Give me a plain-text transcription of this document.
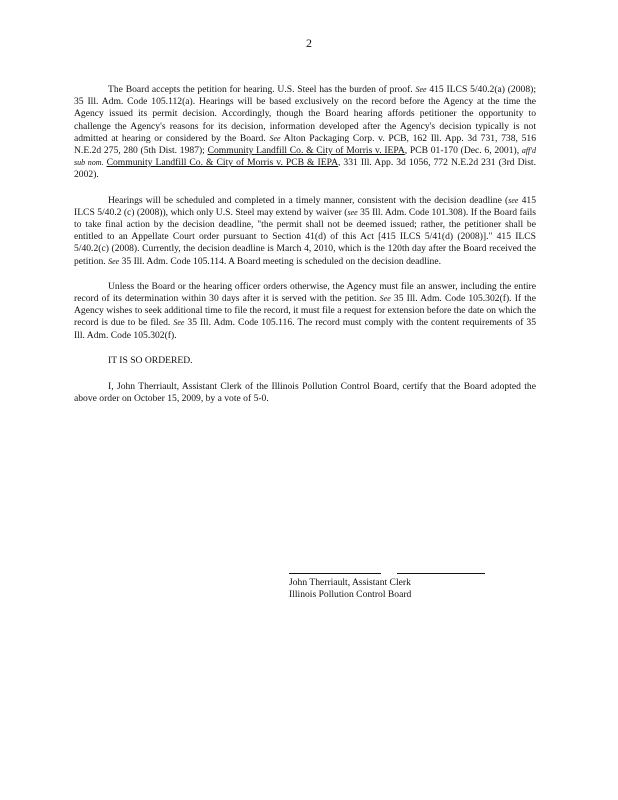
2

The Board accepts the petition for hearing. U.S. Steel has the burden of proof. See 415 ILCS 5/40.2(a) (2008); 35 Ill. Adm. Code 105.112(a). Hearings will be based exclusively on the record before the Agency at the time the Agency issued its permit decision. Accordingly, though the Board hearing affords petitioner the opportunity to challenge the Agency's reasons for its decision, information developed after the Agency's decision typically is not admitted at hearing or considered by the Board. See Alton Packaging Corp. v. PCB, 162 Ill. App. 3d 731, 738, 516 N.E.2d 275, 280 (5th Dist. 1987); Community Landfill Co. & City of Morris v. IEPA, PCB 01-170 (Dec. 6, 2001), aff'd sub nom. Community Landfill Co. & City of Morris v. PCB & IEPA, 331 Ill. App. 3d 1056, 772 N.E.2d 231 (3rd Dist. 2002).

Hearings will be scheduled and completed in a timely manner, consistent with the decision deadline (see 415 ILCS 5/40.2 (c) (2008)), which only U.S. Steel may extend by waiver (see 35 Ill. Adm. Code 101.308). If the Board fails to take final action by the decision deadline, "the permit shall not be deemed issued; rather, the petitioner shall be entitled to an Appellate Court order pursuant to Section 41(d) of this Act [415 ILCS 5/41(d) (2008)]." 415 ILCS 5/40.2(c) (2008). Currently, the decision deadline is March 4, 2010, which is the 120th day after the Board received the petition. See 35 Ill. Adm. Code 105.114. A Board meeting is scheduled on the decision deadline.

Unless the Board or the hearing officer orders otherwise, the Agency must file an answer, including the entire record of its determination within 30 days after it is served with the petition. See 35 Ill. Adm. Code 105.302(f). If the Agency wishes to seek additional time to file the record, it must file a request for extension before the date on which the record is due to be filed. See 35 Ill. Adm. Code 105.116. The record must comply with the content requirements of 35 Ill. Adm. Code 105.302(f).

IT IS SO ORDERED.

I, John Therriault, Assistant Clerk of the Illinois Pollution Control Board, certify that the Board adopted the above order on October 15, 2009, by a vote of 5-0.

John Therriault, Assistant Clerk
Illinois Pollution Control Board
